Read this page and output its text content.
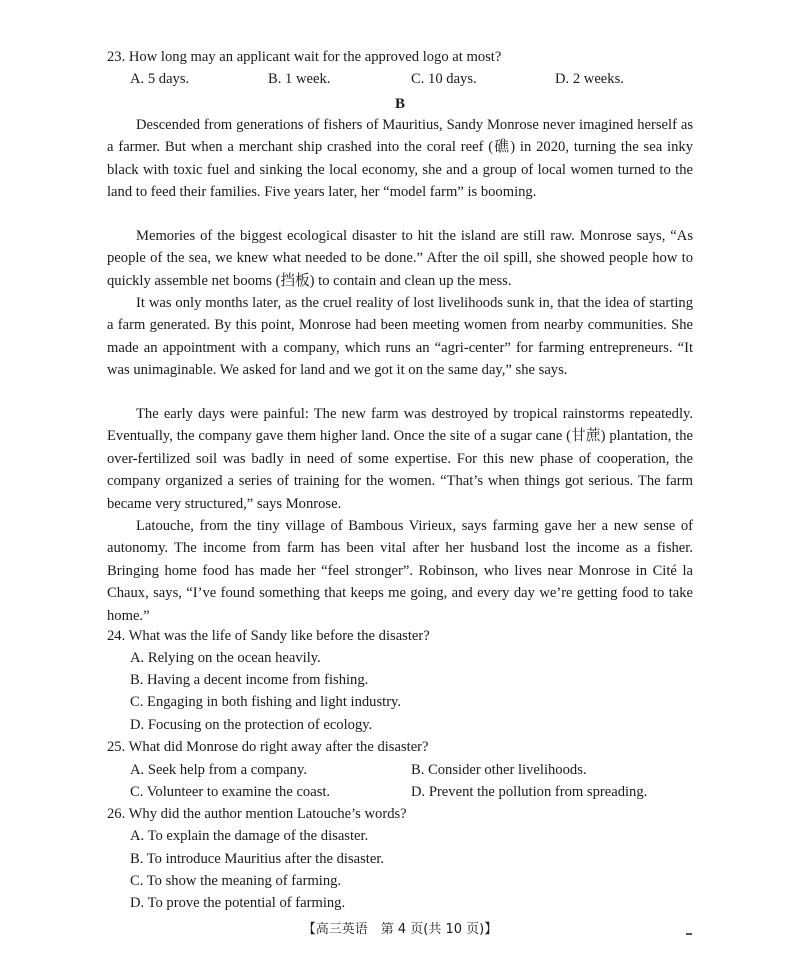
23. How long may an applicant wait for the approved logo at most?
A. 5 days.	B. 1 week.	C. 10 days.	D. 2 weeks.
B
Descended from generations of fishers of Mauritius, Sandy Monrose never imagined herself as a farmer. But when a merchant ship crashed into the coral reef (礁) in 2020, turning the sea inky black with toxic fuel and sinking the local economy, she and a group of local women turned to the land to feed their families. Five years later, her “model farm” is booming.
Memories of the biggest ecological disaster to hit the island are still raw. Monrose says, “As people of the sea, we knew what needed to be done.” After the oil spill, she showed people how to quickly assemble net booms (挡板) to contain and clean up the mess.
It was only months later, as the cruel reality of lost livelihoods sunk in, that the idea of starting a farm generated. By this point, Monrose had been meeting women from nearby communities. She made an appointment with a company, which runs an “agri-center” for farming entrepreneurs. “It was unimaginable. We asked for land and we got it on the same day,” she says.
The early days were painful: The new farm was destroyed by tropical rainstorms repeatedly. Eventually, the company gave them higher land. Once the site of a sugar cane (甘蔗) plantation, the over-fertilized soil was badly in need of some expertise. For this new phase of cooperation, the company organized a series of training for the women. “That’s when things got serious. The farm became very structured,” says Monrose.
Latouche, from the tiny village of Bambous Virieux, says farming gave her a new sense of autonomy. The income from farm has been vital after her husband lost the income as a fisher. Bringing home food has made her “feel stronger”. Robinson, who lives near Monrose in Cité la Chaux, says, “I’ve found something that keeps me going, and every day we’re getting food to take home.”
24. What was the life of Sandy like before the disaster?
A. Relying on the ocean heavily.
B. Having a decent income from fishing.
C. Engaging in both fishing and light industry.
D. Focusing on the protection of ecology.
25. What did Monrose do right away after the disaster?
A. Seek help from a company.	B. Consider other livelihoods.
C. Volunteer to examine the coast.	D. Prevent the pollution from spreading.
26. Why did the author mention Latouche’s words?
A. To explain the damage of the disaster.
B. To introduce Mauritius after the disaster.
C. To show the meaning of farming.
D. To prove the potential of farming.
【高三英语　第 4 页(共 10 页)】
